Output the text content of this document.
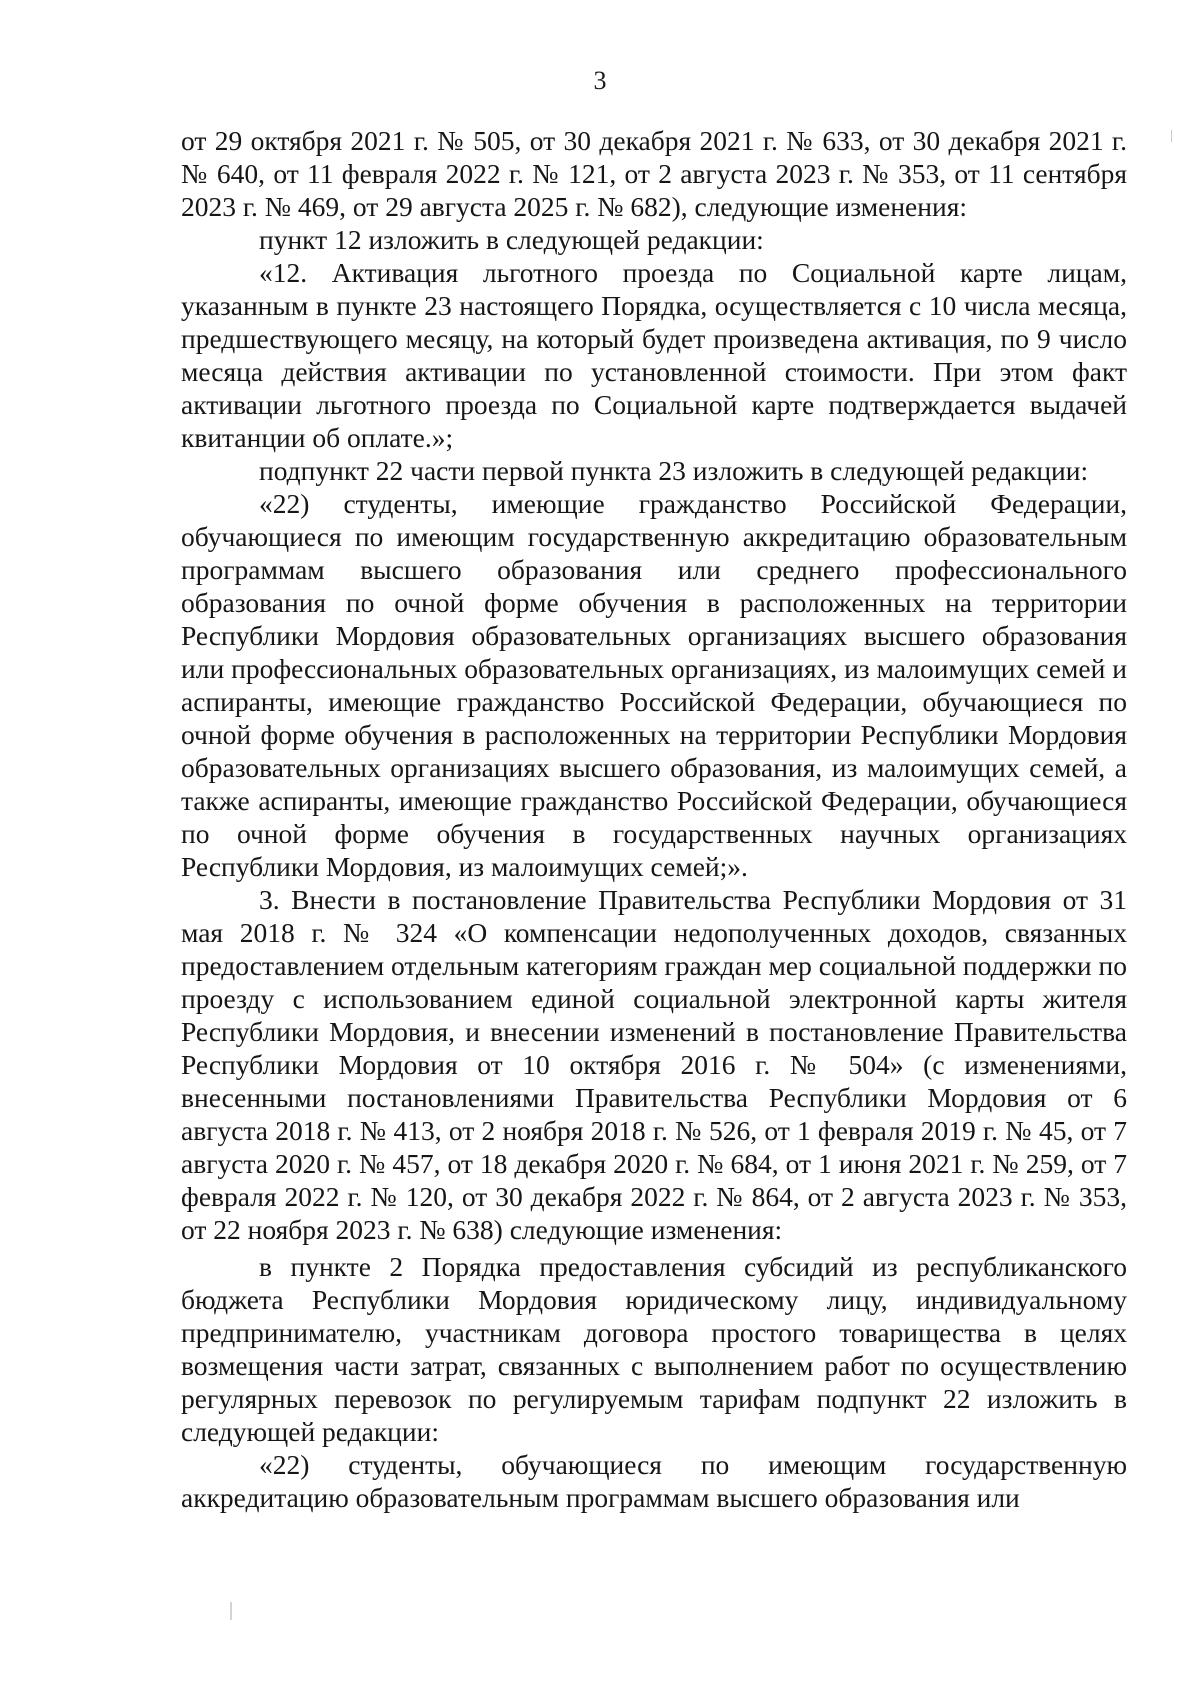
3

от 29 октября 2021 г. № 505, от 30 декабря 2021 г. № 633, от 30 декабря 2021 г. № 640, от 11 февраля 2022 г. № 121, от 2 августа 2023 г. № 353, от 11 сентября 2023 г. № 469, от 29 августа 2025 г. № 682), следующие изменения:

пункт 12 изложить в следующей редакции:

«12. Активация льготного проезда по Социальной карте лицам, указанным в пункте 23 настоящего Порядка, осуществляется с 10 числа месяца, предшествующего месяцу, на который будет произведена активация, по 9 число месяца действия активации по установленной стоимости. При этом факт активации льготного проезда по Социальной карте подтверждается выдачей квитанции об оплате.»;

подпункт 22 части первой пункта 23 изложить в следующей редакции:

«22) студенты, имеющие гражданство Российской Федерации, обучающиеся по имеющим государственную аккредитацию образовательным программам высшего образования или среднего профессионального образования по очной форме обучения в расположенных на территории Республики Мордовия образовательных организациях высшего образования или профессиональных образовательных организациях, из малоимущих семей и аспиранты, имеющие гражданство Российской Федерации, обучающиеся по очной форме обучения в расположенных на территории Республики Мордовия образовательных организациях высшего образования, из малоимущих семей, а также аспиранты, имеющие гражданство Российской Федерации, обучающиеся по очной форме обучения в государственных научных организациях Республики Мордовия, из малоимущих семей;».

3. Внести в постановление Правительства Республики Мордовия от 31 мая 2018 г. № 324 «О компенсации недополученных доходов, связанных предоставлением отдельным категориям граждан мер социальной поддержки по проезду с использованием единой социальной электронной карты жителя Республики Мордовия, и внесении изменений в постановление Правительства Республики Мордовия от 10 октября 2016 г. № 504» (с изменениями, внесенными постановлениями Правительства Республики Мордовия от 6 августа 2018 г. № 413, от 2 ноября 2018 г. № 526, от 1 февраля 2019 г. № 45, от 7 августа 2020 г. № 457, от 18 декабря 2020 г. № 684, от 1 июня 2021 г. № 259, от 7 февраля 2022 г. № 120, от 30 декабря 2022 г. № 864, от 2 августа 2023 г. № 353, от 22 ноября 2023 г. № 638) следующие изменения:

в пункте 2 Порядка предоставления субсидий из республиканского бюджета Республики Мордовия юридическому лицу, индивидуальному предпринимателю, участникам договора простого товарищества в целях возмещения части затрат, связанных с выполнением работ по осуществлению регулярных перевозок по регулируемым тарифам подпункт 22 изложить в следующей редакции:

«22) студенты, обучающиеся по имеющим государственную аккредитацию образовательным программам высшего образования или
